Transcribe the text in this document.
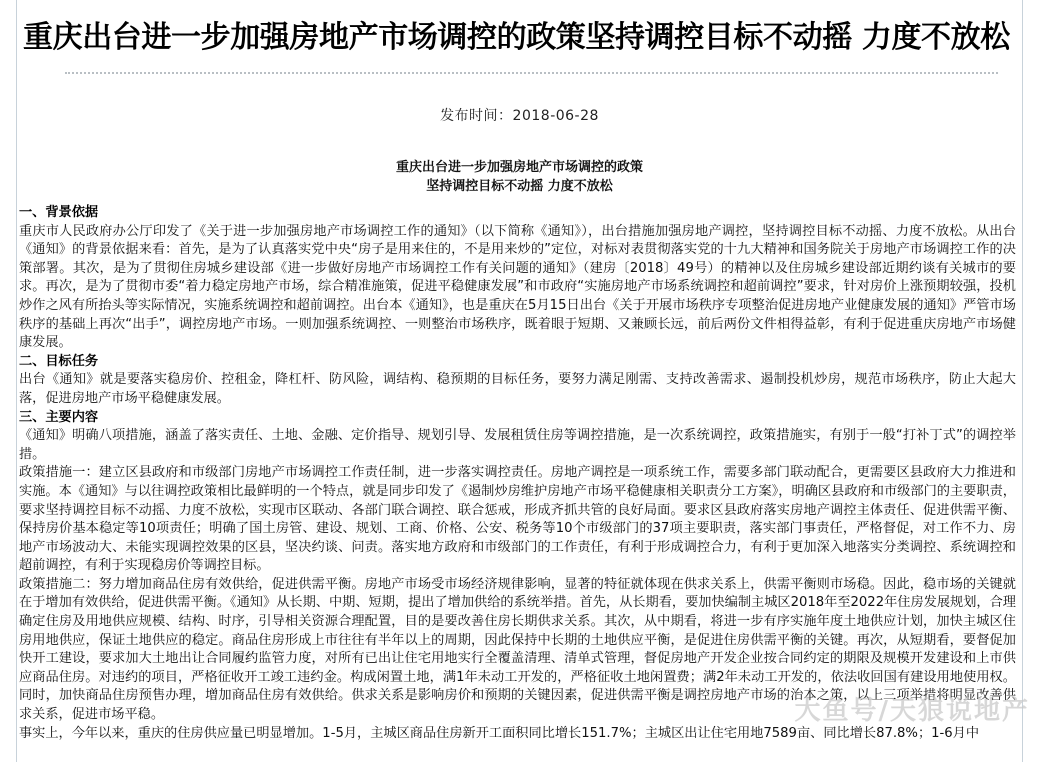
重庆出台进一步加强房地产市场调控的政策坚持调控目标不动摇 力度不放松
发布时间：2018-06-28
重庆出台进一步加强房地产市场调控的政策
坚持调控目标不动摇 力度不放松

一、背景依据

重庆市人民政府办公厅印发了《关于进一步加强房地产市场调控工作的通知》（以下简称《通知》），出台措施加强房地产调控，坚持调控目标不动摇、力度不放松。从出台《通知》的背景依据来看：首先，是为了认真落实党中央“房子是用来住的，不是用来炒的”定位，对标对表贯彻落实党的十九大精神和国务院关于房地产市场调控工作的决策部署。其次，是为了贯彻住房城乡建设部《进一步做好房地产市场调控工作有关问题的通知》（建房〔2018〕49号）的精神以及住房城乡建设部近期约谈有关城市的要求。再次，是为了贯彻市委“着力稳定房地产市场，综合精准施策，促进平稳健康发展”和市政府“实施房地产市场系统调控和超前调控”要求，针对房价上涨预期较强，投机炒作之风有所抬头等实际情况，实施系统调控和超前调控。出台本《通知》，也是重庆在5月15日出台《关于开展市场秩序专项整治促进房地产业健康发展的通知》严管市场秩序的基础上再次“出手”，调控房地产市场。一则加强系统调控、一则整治市场秩序，既着眼于短期、又兼顾长远，前后两份文件相得益彰，有利于促进重庆房地产市场健康发展。

二、目标任务

出台《通知》就是要落实稳房价、控租金，降杠杆、防风险，调结构、稳预期的目标任务，要努力满足刚需、支持改善需求、遏制投机炒房，规范市场秩序，防止大起大落，促进房地产市场平稳健康发展。

三、主要内容

《通知》明确八项措施，涵盖了落实责任、土地、金融、定价指导、规划引导、发展租赁住房等调控措施，是一次系统调控，政策措施实，有别于一般“打补丁式”的调控举措。

政策措施一：建立区县政府和市级部门房地产市场调控工作责任制，进一步落实调控责任。房地产调控是一项系统工作，需要多部门联动配合，更需要区县政府大力推进和实施。本《通知》与以往调控政策相比最鲜明的一个特点，就是同步印发了《遏制炒房维护房地产市场平稳健康相关职责分工方案》，明确区县政府和市级部门的主要职责，要求坚持调控目标不动摇、力度不放松，实现市区联动、各部门联合调控、联合惩戒，形成齐抓共管的良好局面。要求区县政府落实房地产调控主体责任、促进供需平衡、保持房价基本稳定等10项责任；明确了国土房管、建设、规划、工商、价格、公安、税务等10个市级部门的37项主要职责，落实部门事责任，严格督促，对工作不力、房地产市场波动大、未能实现调控效果的区县，坚决约谈、问责。落实地方政府和市级部门的工作责任，有利于形成调控合力，有利于更加深入地落实分类调控、系统调控和超前调控，有利于实现稳房价等调控目标。

政策措施二：努力增加商品住房有效供给，促进供需平衡。房地产市场受市场经济规律影响，显著的特征就体现在供求关系上，供需平衡则市场稳。因此，稳市场的关键就在于增加有效供给，促进供需平衡。《通知》从长期、中期、短期，提出了增加供给的系统举措。首先，从长期看，要加快编制主城区2018年至2022年住房发展规划，合理确定住房及用地供应规模、结构、时序，引导相关资源合理配置，目的是要改善住房长期供求关系。其次，从中期看，将进一步有序实施年度土地供应计划，加快主城区住房用地供应，保证土地供应的稳定。商品住房形成上市往往有半年以上的周期，因此保持中长期的土地供应平衡，是促进住房供需平衡的关键。再次，从短期看，要督促加快开工建设，要求加大土地出让合同履约监管力度，对所有已出让住宅用地实行全覆盖清理、清单式管理，督促房地产开发企业按合同约定的期限及规模开发建设和上市供应商品住房。对违约的项目，严格征收开工竣工违约金。构成闲置土地，满1年未动工开发的，严格征收土地闲置费；满2年未动工开发的，依法收回国有建设用地使用权。同时，加快商品住房预售办理，增加商品住房有效供给。供求关系是影响房价和预期的关键因素，促进供需平衡是调控房地产市场的治本之策，以上三项举措将明显改善供求关系，促进市场平稳。

事实上，今年以来，重庆的住房供应量已明显增加。1-5月，主城区商品住房新开工面积同比增长151.7%；主城区出让住宅用地7589亩、同比增长87.8%；1-6月中

大鱼号/天狼说地产
